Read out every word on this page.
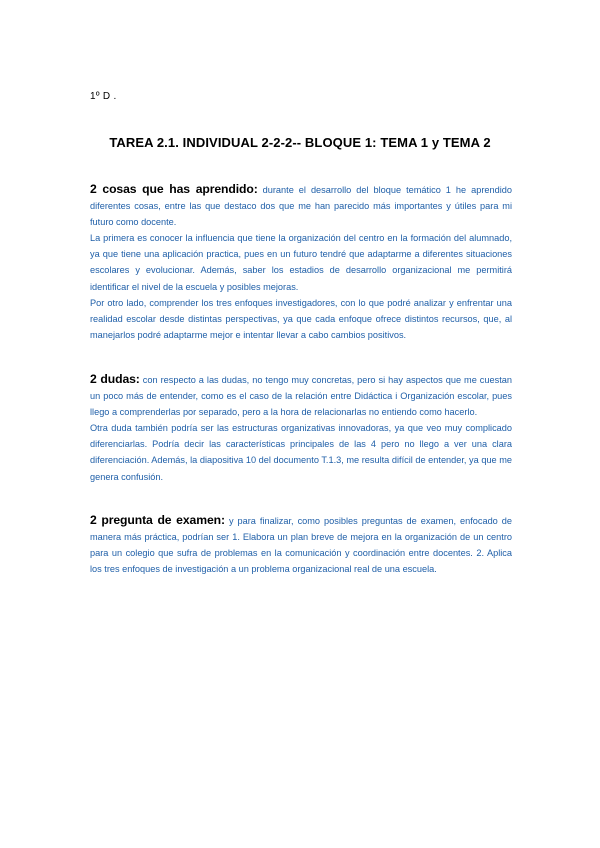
1º D .
TAREA 2.1. INDIVIDUAL 2-2-2-- BLOQUE 1: TEMA 1 y TEMA 2

2 cosas que has aprendido: durante el desarrollo del bloque temático 1 he aprendido diferentes cosas, entre las que destaco dos que me han parecido más importantes y útiles para mi futuro como docente.

La primera es conocer la influencia que tiene la organización del centro en la formación del alumnado, ya que tiene una aplicación practica, pues en un futuro tendré que adaptarme a diferentes situaciones escolares y evolucionar. Además, saber los estadios de desarrollo organizacional me permitirá identificar el nivel de la escuela y posibles mejoras.

Por otro lado, comprender los tres enfoques investigadores, con lo que podré analizar y enfrentar una realidad escolar desde distintas perspectivas, ya que cada enfoque ofrece distintos recursos, que, al manejarlos podré adaptarme mejor e intentar llevar a cabo cambios positivos.

2 dudas: con respecto a las dudas, no tengo muy concretas, pero si hay aspectos que me cuestan un poco más de entender, como es el caso de la relación entre Didáctica i Organización escolar, pues llego a comprenderlas por separado, pero a la hora de relacionarlas no entiendo como hacerlo.

Otra duda también podría ser las estructuras organizativas innovadoras, ya que veo muy complicado diferenciarlas. Podría decir las características principales de las 4 pero no llego a ver una clara diferenciación. Además, la diapositiva 10 del documento T.1.3, me resulta difícil de entender, ya que me genera confusión.

2 pregunta de examen: y para finalizar, como posibles preguntas de examen, enfocado de manera más práctica, podrían ser 1. Elabora un plan breve de mejora en la organización de un centro para un colegio que sufra de problemas en la comunicación y coordinación entre docentes. 2. Aplica los tres enfoques de investigación a un problema organizacional real de una escuela.
